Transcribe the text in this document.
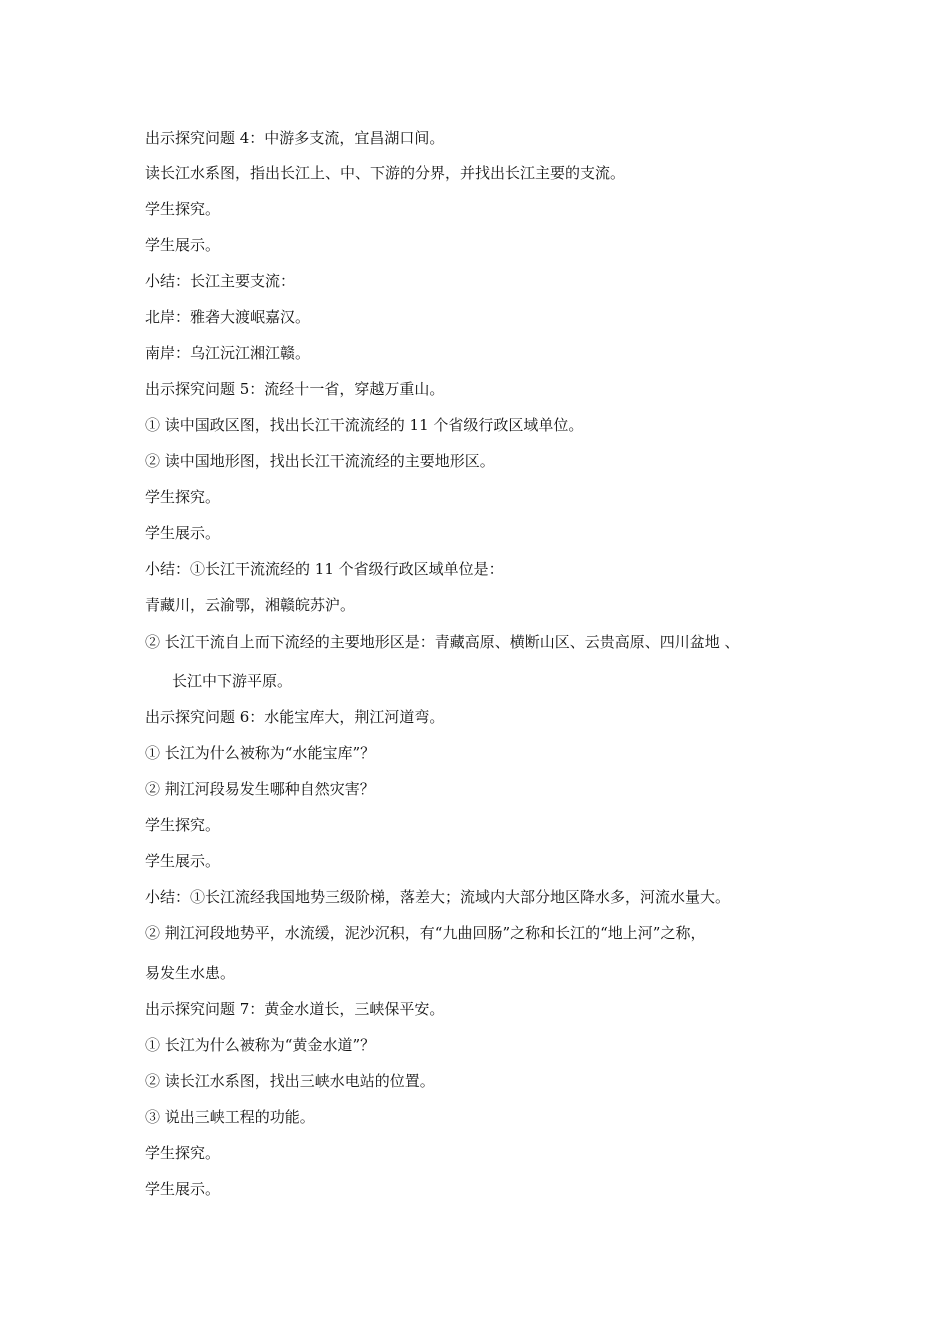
出示探究问题 4：中游多支流，宜昌湖口间。
读长江水系图，指出长江上、中、下游的分界，并找出长江主要的支流。
学生探究。
学生展示。
小结：长江主要支流：
北岸：雅砻大渡岷嘉汉。
南岸：乌江沅江湘江赣。
出示探究问题 5：流经十一省，穿越万重山。
① 读中国政区图，找出长江干流流经的 11 个省级行政区域单位。
② 读中国地形图，找出长江干流流经的主要地形区。
学生探究。
学生展示。
小结：①长江干流流经的 11 个省级行政区域单位是：
青藏川，云渝鄂，湘赣皖苏沪。
② 长江干流自上而下流经的主要地形区是：青藏高原、横断山区、云贵高原、四川盆地 、
长江中下游平原。
出示探究问题 6：水能宝库大，荆江河道弯。
① 长江为什么被称为“水能宝库”？
② 荆江河段易发生哪种自然灾害？
学生探究。
学生展示。
小结：①长江流经我国地势三级阶梯，落差大；流域内大部分地区降水多，河流水量大。
② 荆江河段地势平，水流缓，泥沙沉积，有“九曲回肠”之称和长江的“地上河”之称，
易发生水患。
出示探究问题 7：黄金水道长，三峡保平安。
① 长江为什么被称为“黄金水道”？
② 读长江水系图，找出三峡水电站的位置。
③ 说出三峡工程的功能。
学生探究。
学生展示。
